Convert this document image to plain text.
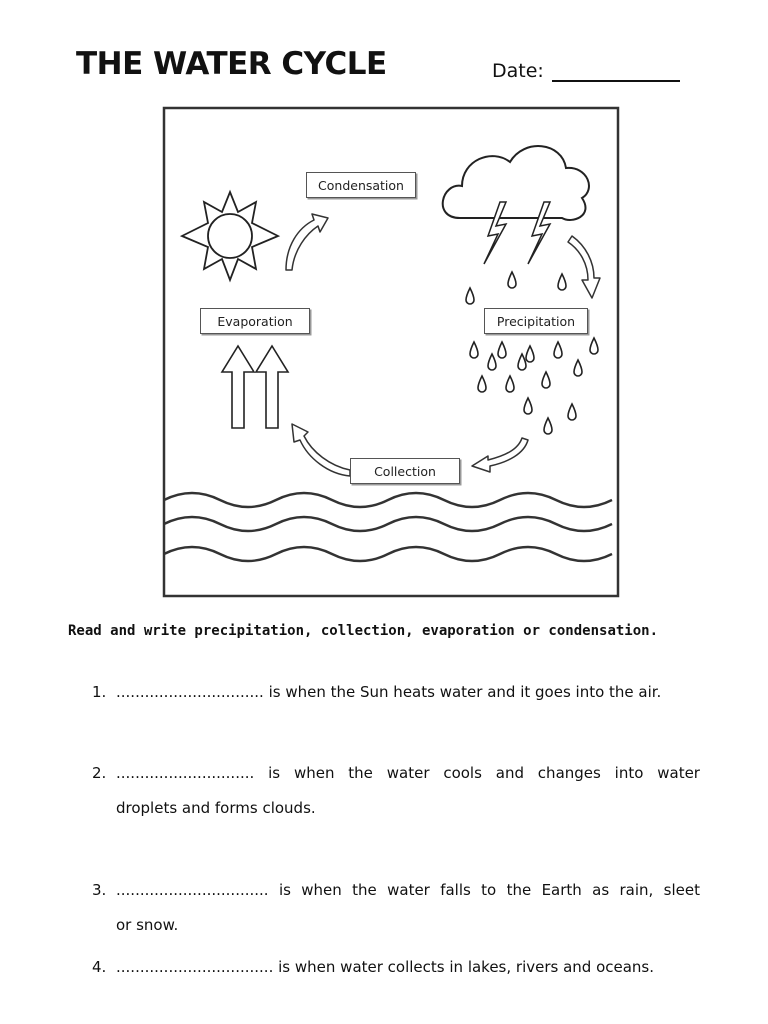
THE WATER CYCLE	Date:
Condensation
Evaporation	Precipitation
Collection

Read and write precipitation, collection, evaporation or condensation.

1. ............................... is when the Sun heats water and it goes into the air.
2. ............................. is when the water cools and changes into water
droplets and forms clouds.
3. ................................ is when the water falls to the Earth as rain, sleet
or snow.
4. ................................. is when water collects in lakes, rivers and oceans.
